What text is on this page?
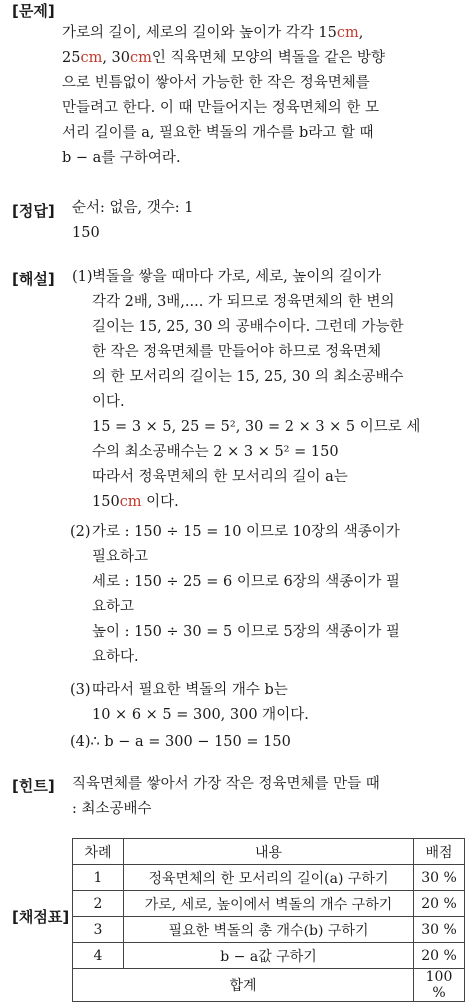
[문제]
가로의 길이, 세로의 길이와 높이가 각각 15cm,
25cm, 30cm인 직육면체 모양의 벽돌을 같은 방향
으로 빈틈없이 쌓아서 가능한 한 작은 정육면체를
만들려고 한다. 이 때 만들어지는 정육면체의 한 모
서리 길이를 a, 필요한 벽돌의 개수를 b라고 할 때
b − a를 구하여라.
[정답] 순서: 없음, 갯수: 1
150
[해설] (1) 벽돌을 쌓을 때마다 가로, 세로, 높이의 길이가
각각 2배, 3배,.... 가 되므로 정육면체의 한 변의
길이는 15, 25, 30 의 공배수이다. 그런데 가능한
한 작은 정육면체를 만들어야 하므로 정육면체
의 한 모서리의 길이는 15, 25, 30 의 최소공배수
이다.
15 = 3 × 5, 25 = 5², 30 = 2 × 3 × 5 이므로 세
수의 최소공배수는 2 × 3 × 5² = 150
따라서 정육면체의 한 모서리의 길이 a는
150cm 이다.
(2) 가로 : 150 ÷ 15 = 10 이므로 10장의 색종이가
필요하고
세로 : 150 ÷ 25 = 6 이므로 6장의 색종이가 필
요하고
높이 : 150 ÷ 30 = 5 이므로 5장의 색종이가 필
요하다.
(3) 따라서 필요한 벽돌의 개수 b는
10 × 6 × 5 = 300, 300 개이다.
(4)∴ b − a = 300 − 150 = 150
[힌트] 직육면체를 쌓아서 가장 작은 정육면체를 만들 때
: 최소공배수
[채점표]
차례	내용	배점
1	정육면체의 한 모서리의 길이(a) 구하기	30 %
2	가로, 세로, 높이에서 벽돌의 개수 구하기	20 %
3	필요한 벽돌의 총 개수(b) 구하기	30 %
4	b − a값 구하기	20 %
합계		100 %
